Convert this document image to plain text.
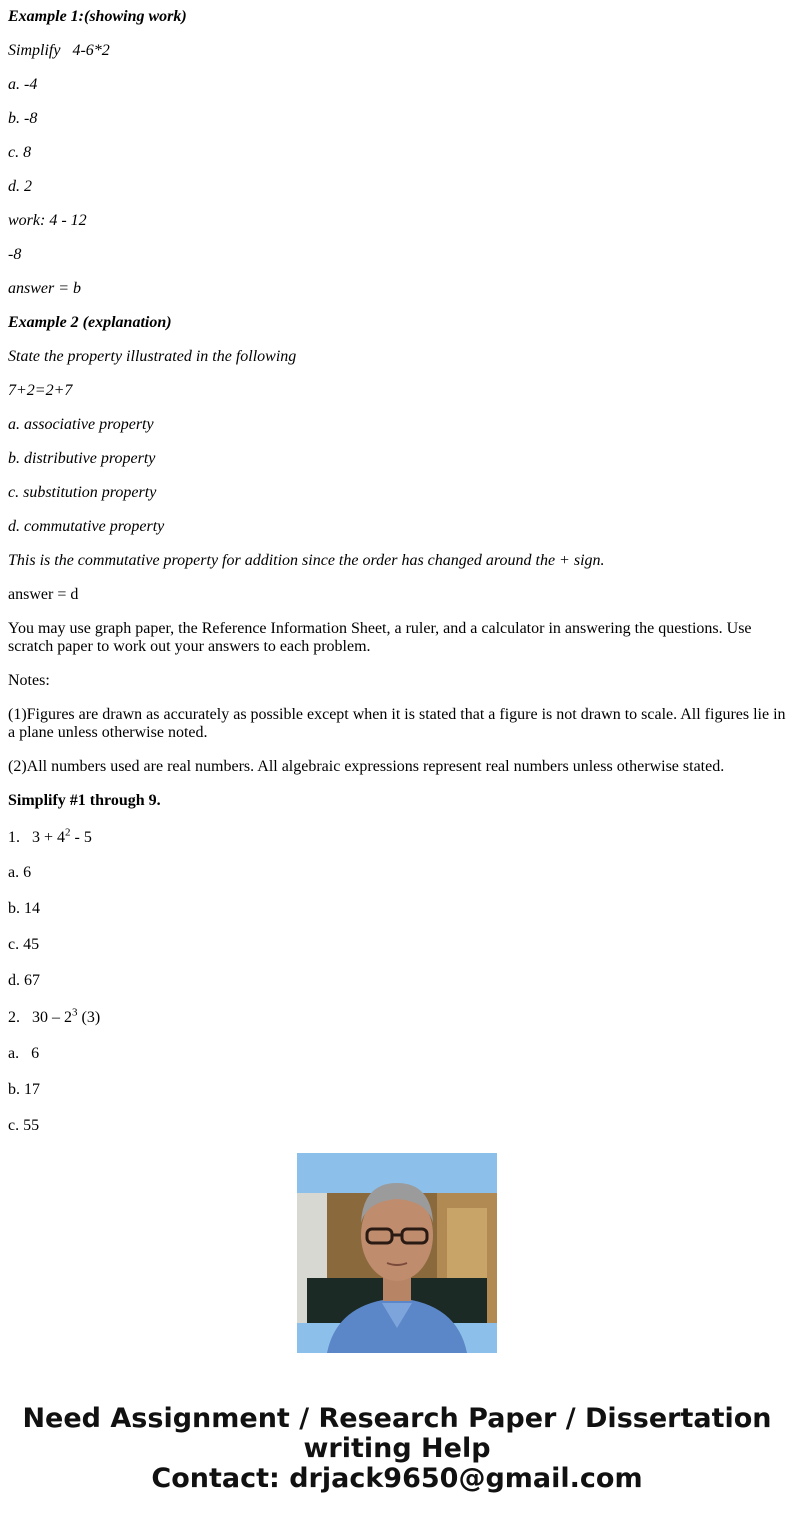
Example 1:(showing work)

Simplify 4-6*2

a. -4

b. -8

c. 8

d. 2

work: 4 - 12

-8

answer = b

Example 2 (explanation)

State the property illustrated in the following

7+2=2+7

a. associative property

b. distributive property

c. substitution property

d. commutative property

This is the commutative property for addition since the order has changed around the + sign.

answer = d

You may use graph paper, the Reference Information Sheet, a ruler, and a calculator in answering the questions. Use scratch paper to work out your answers to each problem.

Notes:

(1)Figures are drawn as accurately as possible except when it is stated that a figure is not drawn to scale. All figures lie in a plane unless otherwise noted.

(2)All numbers used are real numbers. All algebraic expressions represent real numbers unless otherwise stated.

Simplify #1 through 9.

1. $3 + 4^2 - 5$

a. 6

b. 14

c. 45

d. 67

2. $30 - 2^3$ (3)

a. 6

b. 17

c. 55

Need Assignment / Research Paper / Dissertation
writing Help
Contact: drjack9650@gmail.com
